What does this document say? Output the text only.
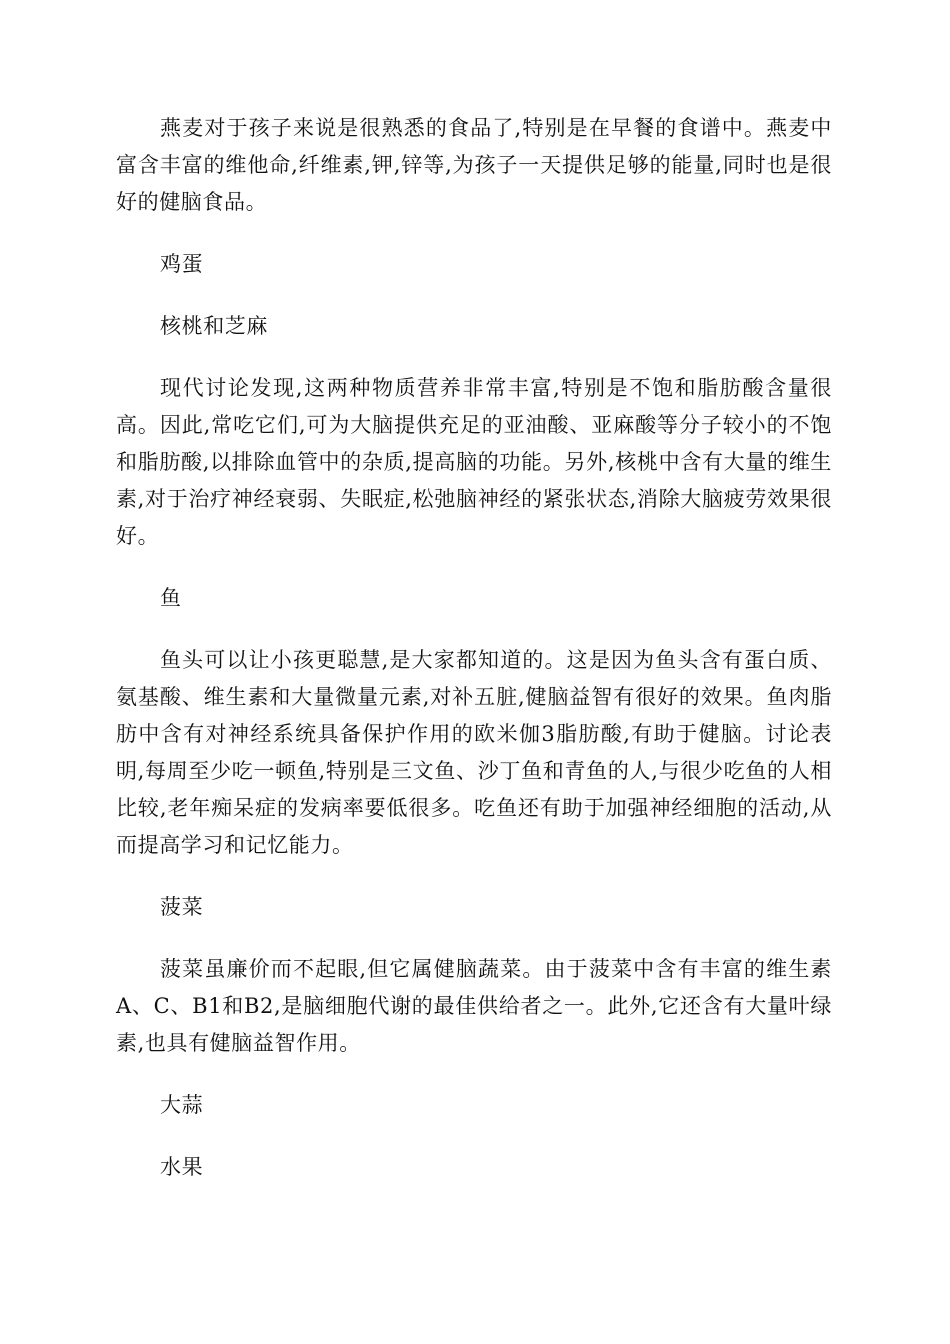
燕麦对于孩子来说是很熟悉的食品了,特别是在早餐的食谱中。燕麦中富含丰富的维他命,纤维素,钾,锌等,为孩子一天提供足够的能量,同时也是很好的健脑食品。

鸡蛋

核桃和芝麻

现代讨论发现,这两种物质营养非常丰富,特别是不饱和脂肪酸含量很高。因此,常吃它们,可为大脑提供充足的亚油酸、亚麻酸等分子较小的不饱和脂肪酸,以排除血管中的杂质,提高脑的功能。另外,核桃中含有大量的维生素,对于治疗神经衰弱、失眠症,松弛脑神经的紧张状态,消除大脑疲劳效果很好。

鱼

鱼头可以让小孩更聪慧,是大家都知道的。这是因为鱼头含有蛋白质、氨基酸、维生素和大量微量元素,对补五脏,健脑益智有很好的效果。鱼肉脂肪中含有对神经系统具备保护作用的欧米伽3脂肪酸,有助于健脑。讨论表明,每周至少吃一顿鱼,特别是三文鱼、沙丁鱼和青鱼的人,与很少吃鱼的人相比较,老年痴呆症的发病率要低很多。吃鱼还有助于加强神经细胞的活动,从而提高学习和记忆能力。

菠菜

菠菜虽廉价而不起眼,但它属健脑蔬菜。由于菠菜中含有丰富的维生素A、C、B1和B2,是脑细胞代谢的最佳供给者之一。此外,它还含有大量叶绿素,也具有健脑益智作用。

大蒜

水果
